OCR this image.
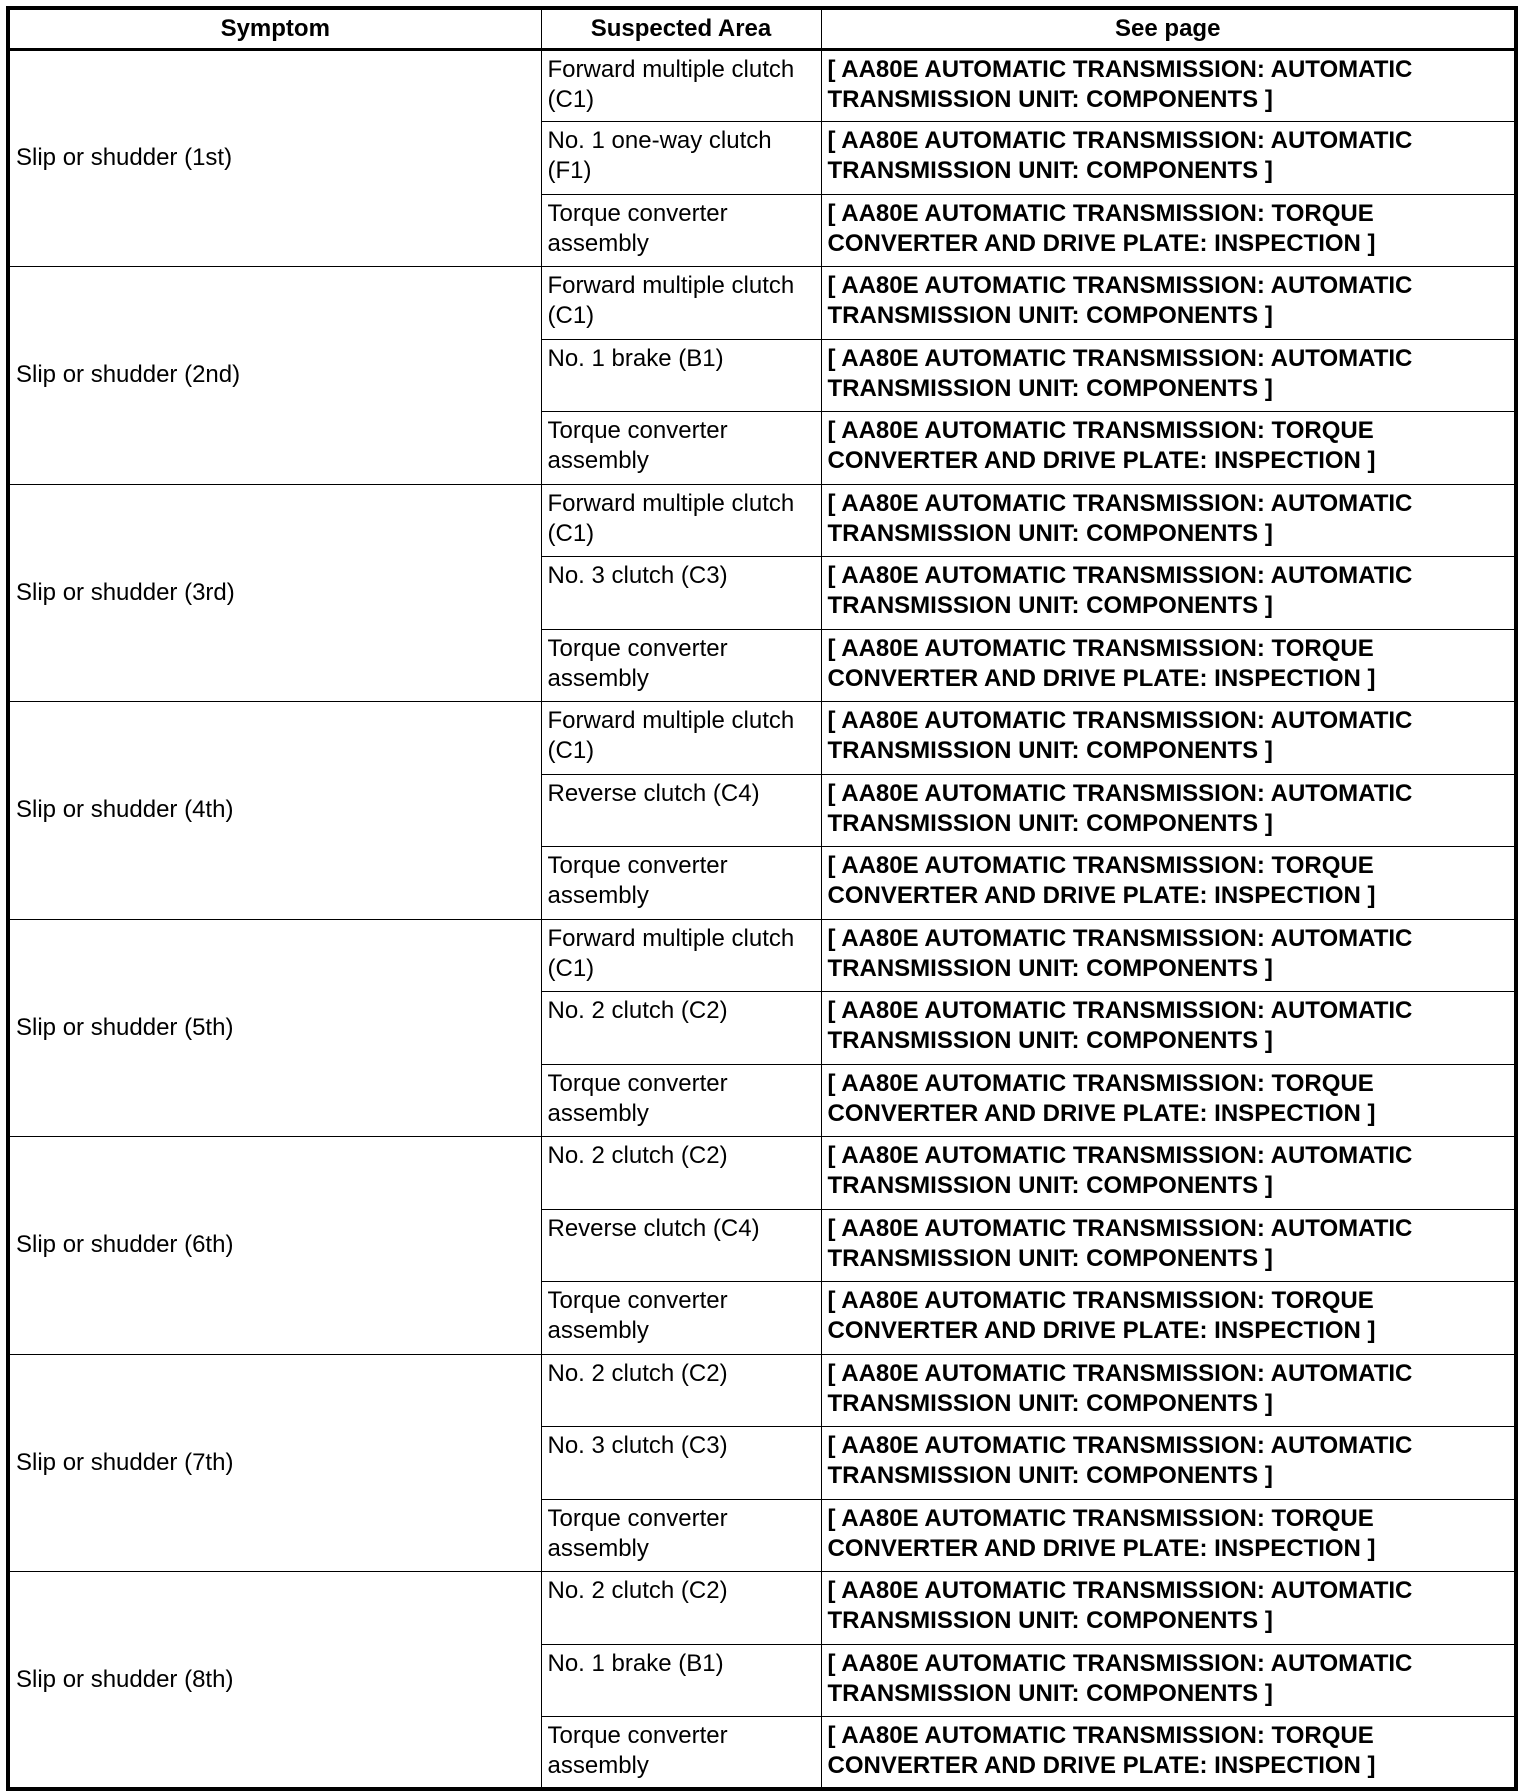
Symptom	Suspected Area	See page
Slip or shudder (1st)	Forward multiple clutch (C1)	[ AA80E AUTOMATIC TRANSMISSION: AUTOMATIC TRANSMISSION UNIT: COMPONENTS ]
	No. 1 one-way clutch (F1)	[ AA80E AUTOMATIC TRANSMISSION: AUTOMATIC TRANSMISSION UNIT: COMPONENTS ]
	Torque converter assembly	[ AA80E AUTOMATIC TRANSMISSION: TORQUE CONVERTER AND DRIVE PLATE: INSPECTION ]
Slip or shudder (2nd)	Forward multiple clutch (C1)	[ AA80E AUTOMATIC TRANSMISSION: AUTOMATIC TRANSMISSION UNIT: COMPONENTS ]
	No. 1 brake (B1)	[ AA80E AUTOMATIC TRANSMISSION: AUTOMATIC TRANSMISSION UNIT: COMPONENTS ]
	Torque converter assembly	[ AA80E AUTOMATIC TRANSMISSION: TORQUE CONVERTER AND DRIVE PLATE: INSPECTION ]
Slip or shudder (3rd)	Forward multiple clutch (C1)	[ AA80E AUTOMATIC TRANSMISSION: AUTOMATIC TRANSMISSION UNIT: COMPONENTS ]
	No. 3 clutch (C3)	[ AA80E AUTOMATIC TRANSMISSION: AUTOMATIC TRANSMISSION UNIT: COMPONENTS ]
	Torque converter assembly	[ AA80E AUTOMATIC TRANSMISSION: TORQUE CONVERTER AND DRIVE PLATE: INSPECTION ]
Slip or shudder (4th)	Forward multiple clutch (C1)	[ AA80E AUTOMATIC TRANSMISSION: AUTOMATIC TRANSMISSION UNIT: COMPONENTS ]
	Reverse clutch (C4)	[ AA80E AUTOMATIC TRANSMISSION: AUTOMATIC TRANSMISSION UNIT: COMPONENTS ]
	Torque converter assembly	[ AA80E AUTOMATIC TRANSMISSION: TORQUE CONVERTER AND DRIVE PLATE: INSPECTION ]
Slip or shudder (5th)	Forward multiple clutch (C1)	[ AA80E AUTOMATIC TRANSMISSION: AUTOMATIC TRANSMISSION UNIT: COMPONENTS ]
	No. 2 clutch (C2)	[ AA80E AUTOMATIC TRANSMISSION: AUTOMATIC TRANSMISSION UNIT: COMPONENTS ]
	Torque converter assembly	[ AA80E AUTOMATIC TRANSMISSION: TORQUE CONVERTER AND DRIVE PLATE: INSPECTION ]
Slip or shudder (6th)	No. 2 clutch (C2)	[ AA80E AUTOMATIC TRANSMISSION: AUTOMATIC TRANSMISSION UNIT: COMPONENTS ]
	Reverse clutch (C4)	[ AA80E AUTOMATIC TRANSMISSION: AUTOMATIC TRANSMISSION UNIT: COMPONENTS ]
	Torque converter assembly	[ AA80E AUTOMATIC TRANSMISSION: TORQUE CONVERTER AND DRIVE PLATE: INSPECTION ]
Slip or shudder (7th)	No. 2 clutch (C2)	[ AA80E AUTOMATIC TRANSMISSION: AUTOMATIC TRANSMISSION UNIT: COMPONENTS ]
	No. 3 clutch (C3)	[ AA80E AUTOMATIC TRANSMISSION: AUTOMATIC TRANSMISSION UNIT: COMPONENTS ]
	Torque converter assembly	[ AA80E AUTOMATIC TRANSMISSION: TORQUE CONVERTER AND DRIVE PLATE: INSPECTION ]
Slip or shudder (8th)	No. 2 clutch (C2)	[ AA80E AUTOMATIC TRANSMISSION: AUTOMATIC TRANSMISSION UNIT: COMPONENTS ]
	No. 1 brake (B1)	[ AA80E AUTOMATIC TRANSMISSION: AUTOMATIC TRANSMISSION UNIT: COMPONENTS ]
	Torque converter assembly	[ AA80E AUTOMATIC TRANSMISSION: TORQUE CONVERTER AND DRIVE PLATE: INSPECTION ]
